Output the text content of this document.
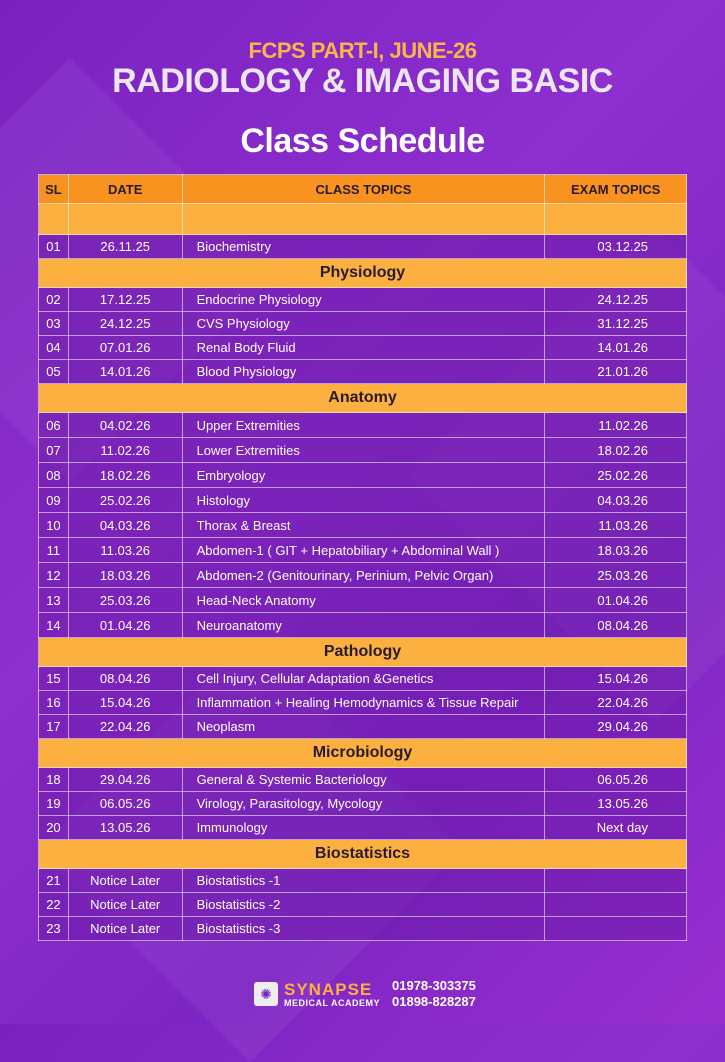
FCPS PART-I, JUNE-26
RADIOLOGY & IMAGING BASIC
Class Schedule
SL	DATE	CLASS TOPICS	EXAM TOPICS

01	26.11.25	Biochemistry	03.12.25
Physiology			
02	17.12.25	Endocrine Physiology	24.12.25
03	24.12.25	CVS Physiology	31.12.25
04	07.01.26	Renal Body Fluid	14.01.26
05	14.01.26	Blood Physiology	21.01.26
Anatomy			
06	04.02.26	Upper Extremities	11.02.26
07	11.02.26	Lower Extremities	18.02.26
08	18.02.26	Embryology	25.02.26
09	25.02.26	Histology	04.03.26
10	04.03.26	Thorax & Breast	11.03.26
11	11.03.26	Abdomen-1 ( GIT + Hepatobiliary + Abdominal Wall )	18.03.26
12	18.03.26	Abdomen-2 (Genitourinary, Perinium, Pelvic Organ)	25.03.26
13	25.03.26	Head-Neck Anatomy	01.04.26
14	01.04.26	Neuroanatomy	08.04.26
Pathology			
15	08.04.26	Cell Injury, Cellular Adaptation &Genetics	15.04.26
16	15.04.26	Inflammation + Healing Hemodynamics & Tissue Repair	22.04.26
17	22.04.26	Neoplasm	29.04.26
Microbiology			
18	29.04.26	General & Systemic Bacteriology	06.05.26
19	06.05.26	Virology, Parasitology, Mycology	13.05.26
20	13.05.26	Immunology	Next day
Biostatistics			
21	Notice Later	Biostatistics -1	
22	Notice Later	Biostatistics -2	
23	Notice Later	Biostatistics -3	
✺ SYNAPSE
MEDICAL ACADEMY
01978-303375
01898-828287
